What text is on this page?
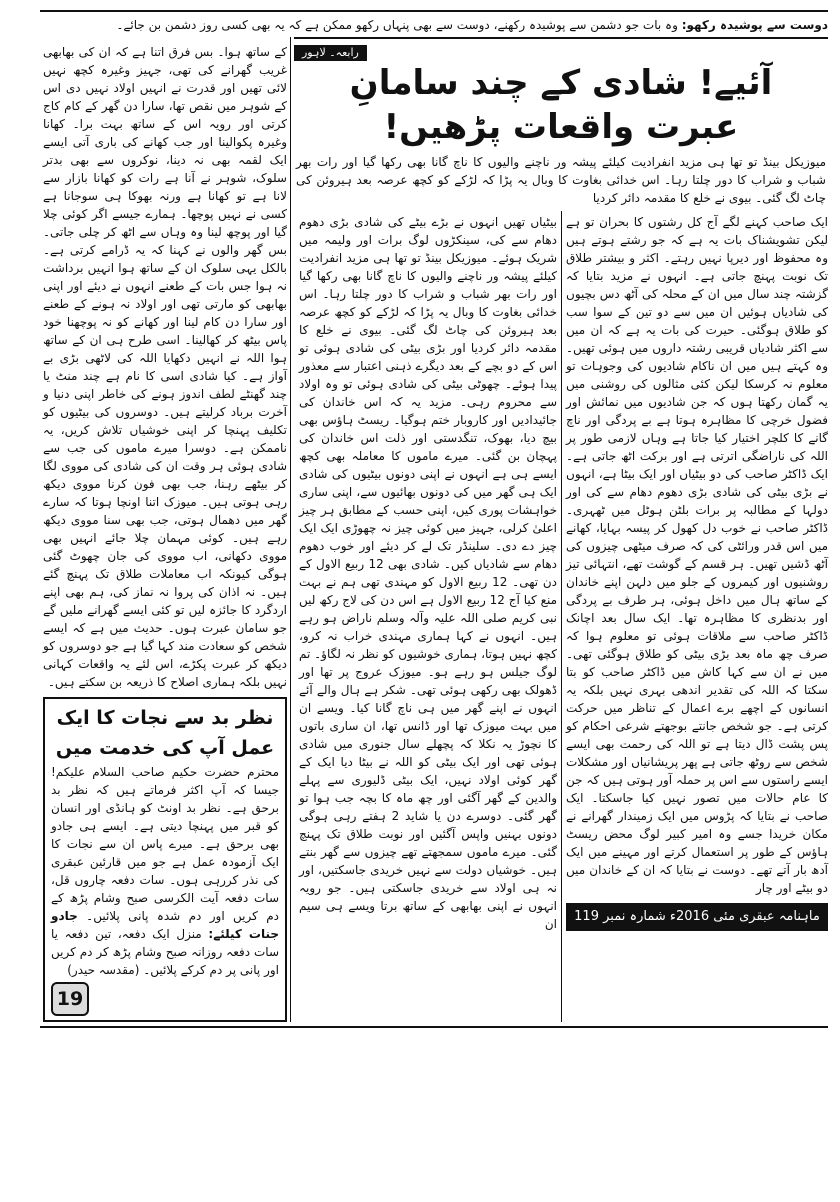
دوست سے پوشیدہ رکھو: وہ بات جو دشمن سے پوشیدہ رکھنے، دوست سے بھی پنہاں رکھو ممکن ہے کہ یہ بھی کسی روز دشمن بن جائے۔
رابعہ۔ لاہور
آئیے! شادی کے چند سامانِ عبرت واقعات پڑھیں!
میوزیکل بینڈ تو تھا ہی مزید انفرادیت کیلئے پیشہ ور ناچنے والیوں کا ناچ گانا بھی رکھا گیا اور رات بھر شباب و شراب کا دور چلتا رہا۔ اس خدائی بغاوت کا وبال یہ پڑا کہ لڑکے کو کچھ عرصہ بعد ہیروئن کی چاٹ لگ گئی۔ بیوی نے خلع کا مقدمہ دائر کردیا
ایک صاحب کہنے لگے آج کل رشتوں کا بحران تو ہے لیکن تشویشناک بات یہ ہے کہ جو رشتے ہوتے ہیں وہ محفوظ اور دیرپا نہیں رہتے۔ اکثر و بیشتر طلاق تک نوبت پہنچ جاتی ہے۔ انہوں نے مزید بتایا کہ گزشتہ چند سال میں ان کے محلہ کی آٹھ دس بچیوں کی شادیاں ہوئیں ان میں سے دو تین کے سوا سب کو طلاق ہوگئی۔ حیرت کی بات یہ ہے کہ ان میں سے اکثر شادیاں قریبی رشتہ داروں میں ہوئی تھیں۔ وہ کہتے ہیں میں ان ناکام شادیوں کی وجوہات تو معلوم نہ کرسکا لیکن کئی مثالوں کی روشنی میں یہ گمان رکھتا ہوں کہ جن شادیوں میں نمائش اور فضول خرچی کا مظاہرہ ہوتا ہے بے پردگی اور ناچ گانے کا کلچر اختیار کیا جاتا ہے وہاں لازمی طور پر اللہ کی ناراضگی اترتی ہے اور برکت اٹھ جاتی ہے۔ ایک ڈاکٹر صاحب کی دو بیٹیاں اور ایک بیٹا ہے، انہوں نے بڑی بیٹی کی شادی بڑی دھوم دھام سے کی اور دولہا کے مطالبہ پر برات بلٹن ہوٹل میں ٹھہری۔ ڈاکٹر صاحب نے خوب دل کھول کر پیسہ بہایا، کھانے میں اس قدر ورائٹی کی کہ صرف میٹھی چیزوں کی آٹھ ڈشیں تھیں۔ ہر قسم کے گوشت تھے، انتہائی تیز روشنیوں اور کیمروں کے جلو میں دلہن اپنے خاندان کے ساتھ ہال میں داخل ہوئی، ہر طرف بے پردگی اور بدنظری کا مظاہرہ تھا۔ ایک سال بعد اچانک ڈاکٹر صاحب سے ملاقات ہوئی تو معلوم ہوا کہ صرف چھ ماہ بعد بڑی بیٹی کو طلاق ہوگئی تھی۔ میں نے ان سے کہا کاش میں ڈاکٹر صاحب کو بتا سکتا کہ اللہ کی تقدیر اندھی بہری نہیں بلکہ یہ انسانوں کے اچھے برے اعمال کے تناظر میں حرکت کرتی ہے۔ جو شخص جانتے بوجھتے شرعی احکام کو پس پشت ڈال دیتا ہے تو اللہ کی رحمت بھی ایسے شخص سے روٹھ جاتی ہے پھر پریشانیاں اور مشکلات ایسے راستوں سے اس پر حملہ آور ہوتی ہیں کہ جن کا عام حالات میں تصور نہیں کیا جاسکتا۔ ایک صاحب نے بتایا کہ پڑوس میں ایک زمیندار گھرانے نے مکان خریدا جسے وہ امیر کبیر لوگ محض ریسٹ ہاؤس کے طور پر استعمال کرتے اور مہینے میں ایک آدھ بار آتے تھے۔ دوست نے بتایا کہ ان کے خاندان میں دو بیٹے اور چار
ماہنامہ عبقری مئی 2016ء شمارہ نمبر 119
بیٹیاں تھیں انہوں نے بڑے بیٹے کی شادی بڑی دھوم دھام سے کی، سینکڑوں لوگ برات اور ولیمہ میں شریک ہوئے۔ میوزیکل بینڈ تو تھا ہی مزید انفرادیت کیلئے پیشہ ور ناچنے والیوں کا ناچ گانا بھی رکھا گیا اور رات بھر شباب و شراب کا دور چلتا رہا۔ اس خدائی بغاوت کا وبال یہ پڑا کہ لڑکے کو کچھ عرصہ بعد ہیروئن کی چاٹ لگ گئی۔ بیوی نے خلع کا مقدمہ دائر کردیا اور بڑی بیٹی کی شادی ہوئی تو اس کے دو بچے کے بعد دیگرے ذہنی اعتبار سے معذور پیدا ہوئے۔ چھوٹی بیٹی کی شادی ہوئی تو وہ اولاد سے محروم رہی۔ مزید یہ کہ اس خاندان کی جائیدادیں اور کاروبار ختم ہوگیا۔ ریسٹ ہاؤس بھی بیچ دیا، بھوک، تنگدستی اور ذلت اس خاندان کی پہچان بن گئی۔ میرے ماموں کا معاملہ بھی کچھ ایسے ہی ہے انہوں نے اپنی دونوں بیٹیوں کی شادی ایک ہی گھر میں کی دونوں بھائیوں سے، اپنی ساری خواہشات پوری کیں، اپنی حسب کے مطابق ہر چیز اعلیٰ کرلی، جہیز میں کوئی چیز نہ چھوڑی ایک ایک چیز دے دی۔ سلینڈر تک لے کر دیئے اور خوب دھوم دھام سے شادیاں کیں۔ شادی بھی 12 ربیع الاول کے دن تھی۔ 12 ربیع الاول کو مہندی تھی ہم نے بہت منع کیا آج 12 ربیع الاول ہے اس دن کی لاج رکھ لیں نبی کریم صلی اللہ علیہ وآلہ وسلم ناراض ہو رہے ہیں۔ انہوں نے کہا ہماری مہندی خراب نہ کرو، کچھ نہیں ہوتا، ہماری خوشیوں کو نظر نہ لگاؤ۔ تم لوگ جیلس ہو رہے ہو۔ میوزک عروج پر تھا اور ڈھولک بھی رکھی ہوئی تھی۔ شکر ہے ہال والے آئے انہوں نے اپنے گھر میں ہی ناچ گانا کیا۔ ویسے ان میں بہت میوزک تھا اور ڈانس تھا، ان ساری باتوں کا نچوڑ یہ نکلا کہ پچھلے سال جنوری میں شادی ہوئی تھی اور ایک بیٹی کو اللہ نے بیٹا دیا ایک کے گھر کوئی اولاد نہیں، ایک بیٹی ڈلیوری سے پہلے والدین کے گھر آگئی اور چھ ماہ کا بچہ جب ہوا تو گھر گئی۔ دوسرے دن یا شاید 2 ہفتے رہی ہوگی دونوں بہنیں واپس آگئیں اور نوبت طلاق تک پہنچ گئی۔ میرے ماموں سمجھتے تھے چیزوں سے گھر بنتے ہیں۔ خوشیاں دولت سے نہیں خریدی جاسکتیں، اور نہ ہی اولاد سے خریدی جاسکتی ہیں۔ جو رویہ انہوں نے اپنی بھابھی کے ساتھ برتا ویسے ہی سیم ان
کے ساتھ ہوا۔ بس فرق اتنا ہے کہ ان کی بھابھی غریب گھرانے کی تھی، جہیز وغیرہ کچھ نہیں لائی تھیں اور قدرت نے انہیں اولاد نہیں دی اس کے شوہر میں نقص تھا، سارا دن گھر کے کام کاج کرتی اور رویہ اس کے ساتھ بہت برا۔ کھانا وغیرہ پکوالینا اور جب کھانے کی باری آتی ایسے ایک لقمہ بھی نہ دینا، نوکروں سے بھی بدتر سلوک، شوہر نے آنا ہے رات کو کھانا بازار سے لانا ہے تو کھانا ہے ورنہ بھوکا ہی سوجانا ہے کسی نے نہیں پوچھا۔ ہمارے جیسے اگر کوئی چلا گیا اور پوچھ لینا وہ وہاں سے اٹھ کر چلی جاتی۔ بس گھر والوں نے کہنا کہ یہ ڈرامے کرتی ہے۔ بالکل یہی سلوک ان کے ساتھ ہوا انہیں برداشت نہ ہوا جس بات کے طعنے انہوں نے دیئے اور اپنی بھابھی کو مارتی تھی اور اولاد نہ ہونے کے طعنے اور سارا دن کام لینا اور کھانے کو نہ پوچھنا خود پاس بیٹھ کر کھالینا۔ اسی طرح ہی ان کے ساتھ ہوا اللہ نے انہیں دکھایا اللہ کی لاٹھی بڑی بے آواز ہے۔ کیا شادی اسی کا نام ہے چند منٹ یا چند گھنٹے لطف اندوز ہونے کی خاطر اپنی دنیا و آخرت برباد کرلیتے ہیں۔ دوسروں کی بیٹیوں کو تکلیف پہنچا کر اپنی خوشیاں تلاش کریں، یہ ناممکن ہے۔ دوسرا میرے ماموں کی جب سے شادی ہوئی ہر وقت ان کی شادی کی مووی لگا کر بیٹھے رہنا، جب بھی فون کرنا مووی دیکھ رہی ہوتی ہیں۔ میوزک اتنا اونچا ہوتا کہ سارے گھر میں دھمال ہوتی، جب بھی سنا مووی دیکھ رہے ہیں۔ کوئی مہمان چلا جائے انہیں بھی مووی دکھانی، اب مووی کی جان چھوٹ گئی ہوگی کیونکہ اب معاملات طلاق تک پہنچ گئے ہیں۔ نہ اذان کی پروا نہ نماز کی، ہم بھی اپنے اردگرد کا جائزہ لیں تو کئی ایسے گھرانے ملیں گے جو سامان عبرت ہوں۔ حدیث میں ہے کہ ایسے شخص کو سعادت مند کہا گیا ہے جو دوسروں کو دیکھ کر عبرت پکڑے، اس لئے یہ واقعات کہانی نہیں بلکہ ہماری اصلاح کا ذریعہ بن سکتے ہیں۔
نظر بد سے نجات کا ایک عمل آپ کی خدمت میں
محترم حضرت حکیم صاحب السلام علیکم! جیسا کہ آپ اکثر فرماتے ہیں کہ نظر بد برحق ہے۔ نظر بد اونٹ کو ہانڈی اور انسان کو قبر میں پہنچا دیتی ہے۔ ایسے ہی جادو بھی برحق ہے۔ میرے پاس ان سے نجات کا ایک آزمودہ عمل ہے جو میں قارئین عبقری کی نذر کررہی ہوں۔ سات دفعہ چاروں قل، سات دفعہ آیت الکرسی صبح وشام پڑھ کے دم کریں اور دم شدہ پانی پلائیں۔ جادو جنات کیلئے: منزل ایک دفعہ، تین دفعہ یا سات دفعہ روزانہ صبح وشام پڑھ کر دم کریں اور پانی پر دم کرکے پلائیں۔ (مقدسہ حیدر)
19
